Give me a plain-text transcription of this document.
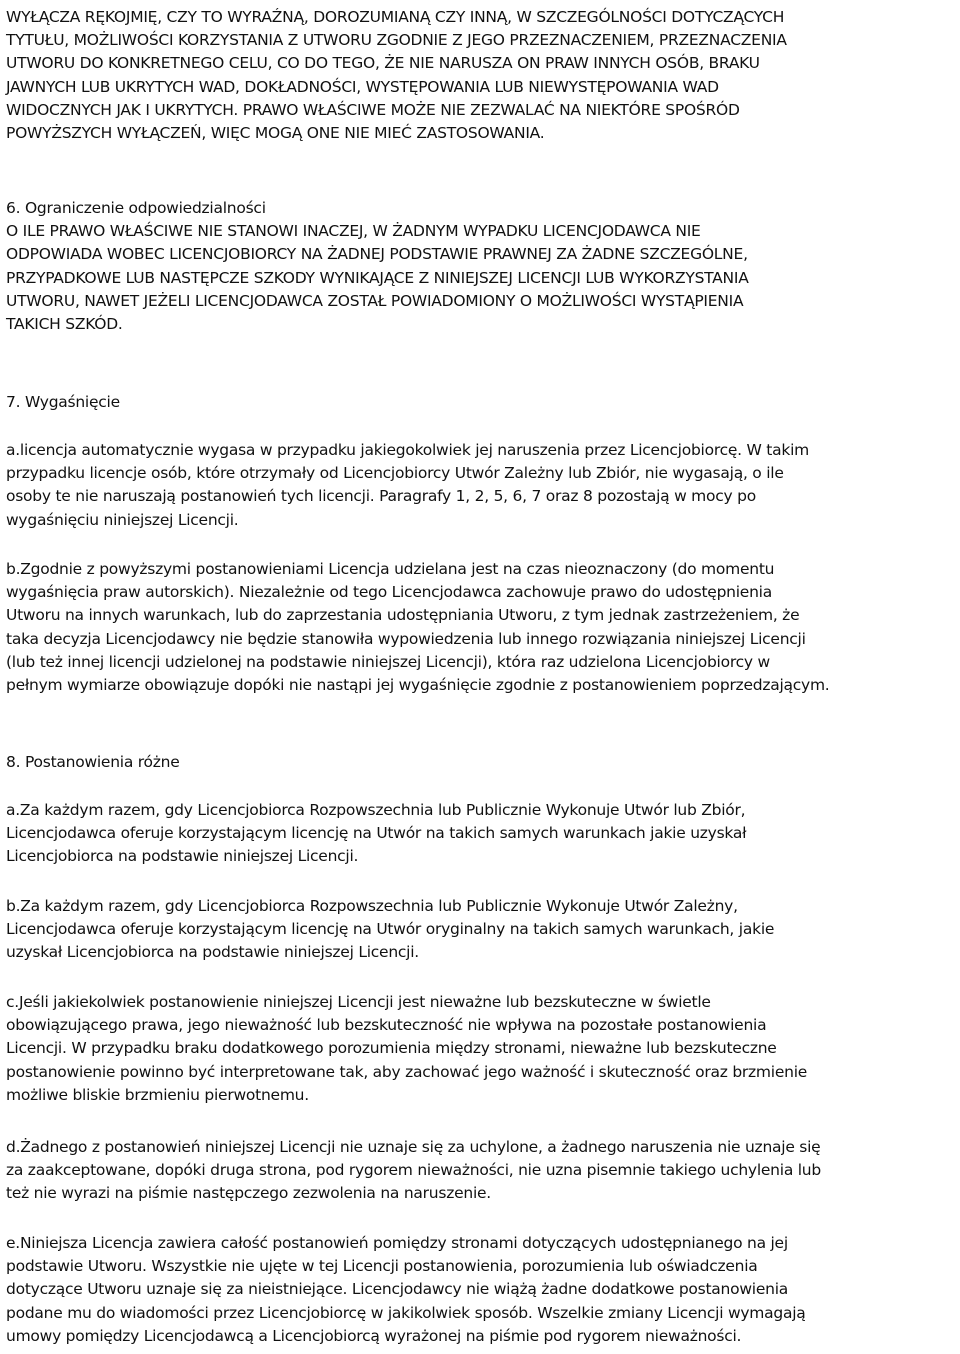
WYŁĄCZA RĘKOJMIĘ, CZY TO WYRAŹNĄ, DOROZUMIANĄ CZY INNĄ, W SZCZEGÓLNOŚCI DOTYCZĄCYCH
TYTUŁU, MOŻLIWOŚCI KORZYSTANIA Z UTWORU ZGODNIE Z JEGO PRZEZNACZENIEM, PRZEZNACZENIA
UTWORU DO KONKRETNEGO CELU, CO DO TEGO, ŻE NIE NARUSZA ON PRAW INNYCH OSÓB, BRAKU
JAWNYCH LUB UKRYTYCH WAD, DOKŁADNOŚCI, WYSTĘPOWANIA LUB NIEWYSTĘPOWANIA WAD
WIDOCZNYCH JAK I UKRYTYCH. PRAWO WŁAŚCIWE MOŻE NIE ZEZWALAĆ NA NIEKTÓRE SPOŚRÓD
POWYŻSZYCH WYŁĄCZEŃ, WIĘC MOGĄ ONE NIE MIEĆ ZASTOSOWANIA.

6. Ograniczenie odpowiedzialności
O ILE PRAWO WŁAŚCIWE NIE STANOWI INACZEJ, W ŻADNYM WYPADKU LICENCJODAWCA NIE
ODPOWIADA WOBEC LICENCJOBIORCY NA ŻADNEJ PODSTAWIE PRAWNEJ ZA ŻADNE SZCZEGÓLNE,
PRZYPADKOWE LUB NASTĘPCZE SZKODY WYNIKAJĄCE Z NINIEJSZEJ LICENCJI LUB WYKORZYSTANIA
UTWORU, NAWET JEŻELI LICENCJODAWCA ZOSTAŁ POWIADOMIONY O MOŻLIWOŚCI WYSTĄPIENIA
TAKICH SZKÓD.

7. Wygaśnięcie

a.licencja automatycznie wygasa w przypadku jakiegokolwiek jej naruszenia przez Licencjobiorcę. W takim
przypadku licencje osób, które otrzymały od Licencjobiorcy Utwór Zależny lub Zbiór, nie wygasają, o ile
osoby te nie naruszają postanowień tych licencji. Paragrafy 1, 2, 5, 6, 7 oraz 8 pozostają w mocy po
wygaśnięciu niniejszej Licencji.

b.Zgodnie z powyższymi postanowieniami Licencja udzielana jest na czas nieoznaczony (do momentu
wygaśnięcia praw autorskich). Niezależnie od tego Licencjodawca zachowuje prawo do udostępnienia
Utworu na innych warunkach, lub do zaprzestania udostępniania Utworu, z tym jednak zastrzeżeniem, że
taka decyzja Licencjodawcy nie będzie stanowiła wypowiedzenia lub innego rozwiązania niniejszej Licencji
(lub też innej licencji udzielonej na podstawie niniejszej Licencji), która raz udzielona Licencjobiorcy w
pełnym wymiarze obowiązuje dopóki nie nastąpi jej wygaśnięcie zgodnie z postanowieniem poprzedzającym.

8. Postanowienia różne

a.Za każdym razem, gdy Licencjobiorca Rozpowszechnia lub Publicznie Wykonuje Utwór lub Zbiór,
Licencjodawca oferuje korzystającym licencję na Utwór na takich samych warunkach jakie uzyskał
Licencjobiorca na podstawie niniejszej Licencji.

b.Za każdym razem, gdy Licencjobiorca Rozpowszechnia lub Publicznie Wykonuje Utwór Zależny,
Licencjodawca oferuje korzystającym licencję na Utwór oryginalny na takich samych warunkach, jakie
uzyskał Licencjobiorca na podstawie niniejszej Licencji.

c.Jeśli jakiekolwiek postanowienie niniejszej Licencji jest nieważne lub bezskuteczne w świetle
obowiązującego prawa, jego nieważność lub bezskuteczność nie wpływa na pozostałe postanowienia
Licencji. W przypadku braku dodatkowego porozumienia między stronami, nieważne lub bezskuteczne
postanowienie powinno być interpretowane tak, aby zachować jego ważność i skuteczność oraz brzmienie
możliwe bliskie brzmieniu pierwotnemu.

d.Żadnego z postanowień niniejszej Licencji nie uznaje się za uchylone, a żadnego naruszenia nie uznaje się
za zaakceptowane, dopóki druga strona, pod rygorem nieważności, nie uzna pisemnie takiego uchylenia lub
też nie wyrazi na piśmie następczego zezwolenia na naruszenie.

e.Niniejsza Licencja zawiera całość postanowień pomiędzy stronami dotyczących udostępnianego na jej
podstawie Utworu. Wszystkie nie ujęte w tej Licencji postanowienia, porozumienia lub oświadczenia
dotyczące Utworu uznaje się za nieistniejące. Licencjodawcy nie wiążą żadne dodatkowe postanowienia
podane mu do wiadomości przez Licencjobiorcę w jakikolwiek sposób. Wszelkie zmiany Licencji wymagają
umowy pomiędzy Licencjodawcą a Licencjobiorcą wyrażonej na piśmie pod rygorem nieważności.
